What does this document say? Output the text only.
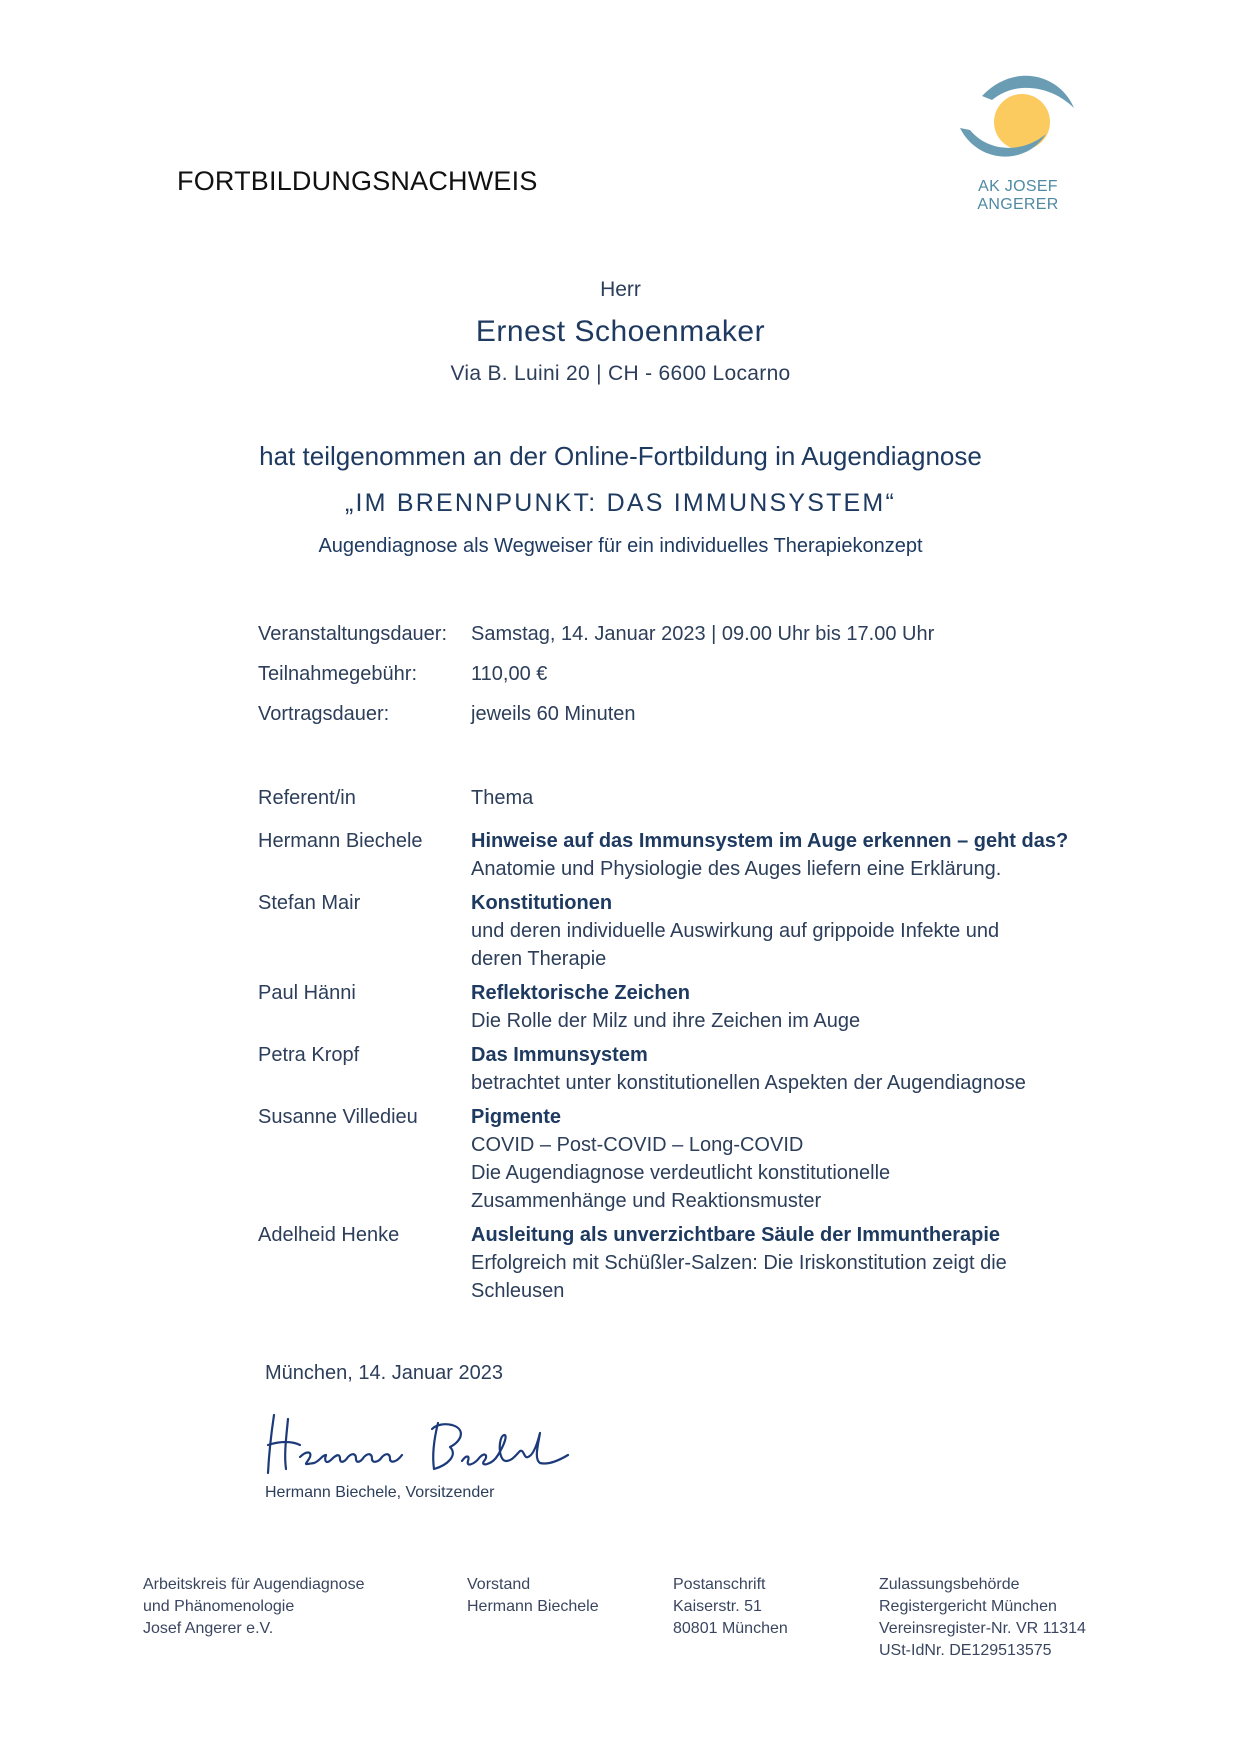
FORTBILDUNGSNACHWEIS	AK JOSEF ANGERER
Herr
Ernest Schoenmaker
Via B. Luini 20 | CH - 6600 Locarno
hat teilgenommen an der Online-Fortbildung in Augendiagnose
„IM BRENNPUNKT: DAS IMMUNSYSTEM“
Augendiagnose als Wegweiser für ein individuelles Therapiekonzept
Veranstaltungsdauer:	Samstag, 14. Januar 2023 | 09.00 Uhr bis 17.00 Uhr
Teilnahmegebühr:	110,00 €
Vortragsdauer:	jeweils 60 Minuten
Referent/in	Thema
Hermann Biechele	Hinweise auf das Immunsystem im Auge erkennen – geht das?
Anatomie und Physiologie des Auges liefern eine Erklärung.
Stefan Mair	Konstitutionen
und deren individuelle Auswirkung auf grippoide Infekte und
deren Therapie
Paul Hänni	Reflektorische Zeichen
Die Rolle der Milz und ihre Zeichen im Auge
Petra Kropf	Das Immunsystem
betrachtet unter konstitutionellen Aspekten der Augendiagnose
Susanne Villedieu	Pigmente
COVID – Post-COVID – Long-COVID
Die Augendiagnose verdeutlicht konstitutionelle
Zusammenhänge und Reaktionsmuster
Adelheid Henke	Ausleitung als unverzichtbare Säule der Immuntherapie
Erfolgreich mit Schüßler-Salzen: Die Iriskonstitution zeigt die
Schleusen
München, 14. Januar 2023
Hermann Biechele, Vorsitzender
Arbeitskreis für Augendiagnose
und Phänomenologie
Josef Angerer e.V.
Vorstand
Hermann Biechele
Postanschrift
Kaiserstr. 51
80801 München
Zulassungsbehörde
Registergericht München
Vereinsregister-Nr. VR 11314
USt-IdNr. DE129513575
